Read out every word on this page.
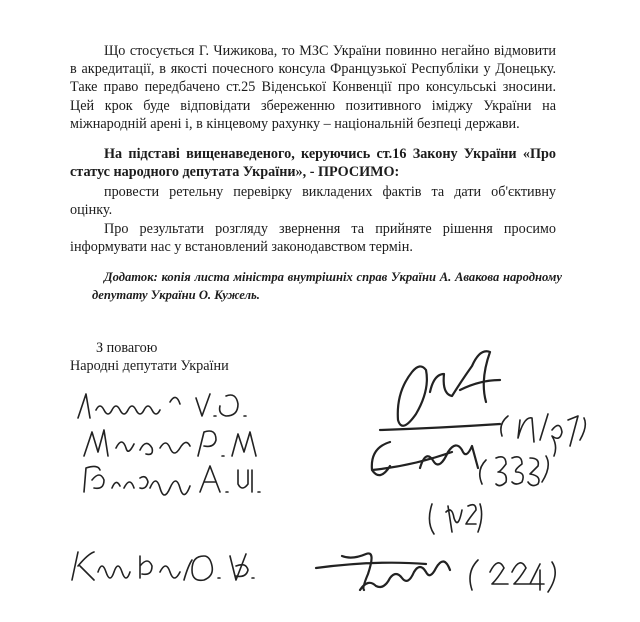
Що стосується Г. Чижикова, то МЗС України повинно негайно відмовити в акредитації, в якості почесного консула Французької Республіки у Донецьку. Таке право передбачено ст.25 Віденської Конвенції про консульські зносини. Цей крок буде відповідати збереженню позитивного іміджу України на міжнародній арені і, в кінцевому рахунку – національній безпеці держави.

На підставі вищенаведеного, керуючись ст.16 Закону України «Про статус народного депутата України», - ПРОСИМО:

провести ретельну перевірку викладених фактів та дати об'єктивну оцінку.

Про результати розгляду звернення та прийняте рішення просимо інформувати нас у встановлений законодавством термін.

Додаток: копія листа міністра внутрішніх справ України А. Авакова народному депутату України О. Кужель.

З повагою
Народні депутати України
